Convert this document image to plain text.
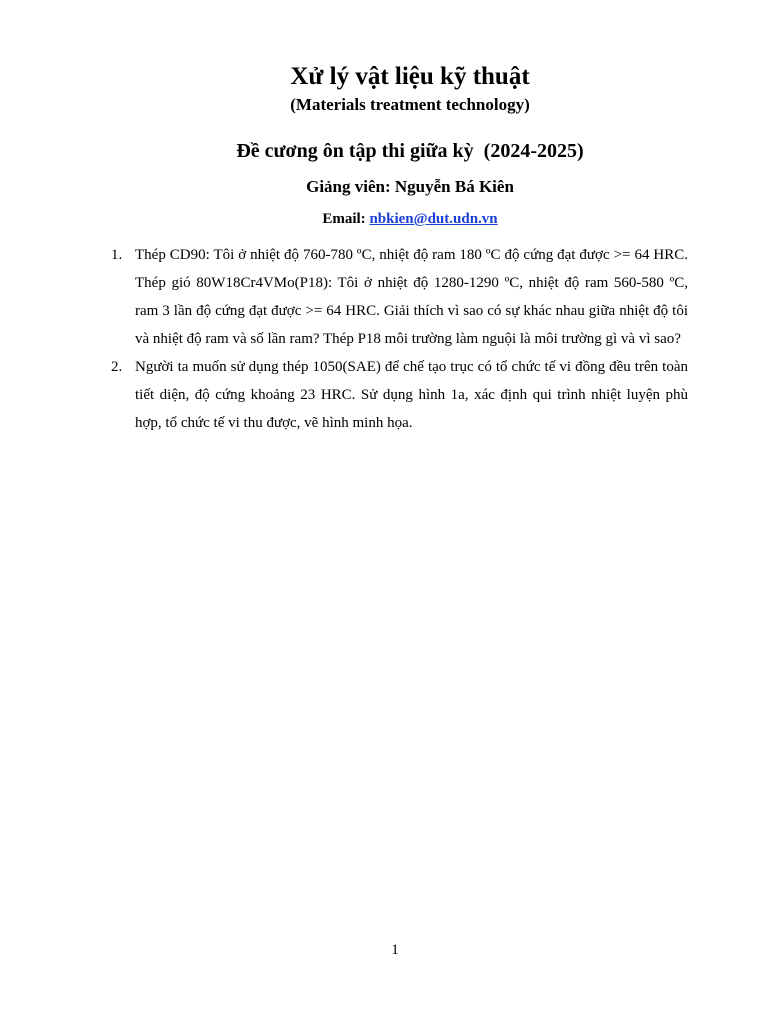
Xử lý vật liệu kỹ thuật
(Materials treatment technology)
Đề cương ôn tập thi giữa kỳ  (2024-2025)
Giảng viên: Nguyễn Bá Kiên
Email: nbkien@dut.udn.vn
1. Thép CD90: Tôi ở nhiệt độ 760-780 ºC, nhiệt độ ram 180 ºC độ cứng đạt được >= 64 HRC. Thép gió 80W18Cr4VMo(P18): Tôi ở nhiệt độ 1280-1290 ºC, nhiệt độ ram 560-580 ºC, ram 3 lần độ cứng đạt được >= 64 HRC. Giải thích vì sao có sự khác nhau giữa nhiệt độ tôi và nhiệt độ ram và số lần ram? Thép P18 môi trường làm nguội là môi trường gì và vì sao?
2. Người ta muốn sử dụng thép 1050(SAE) để chế tạo trục có tổ chức tế vi đồng đều trên toàn tiết diện, độ cứng khoảng 23 HRC. Sử dụng hình 1a, xác định qui trình nhiệt luyện phù hợp, tổ chức tế vi thu được, vẽ hình minh họa.
1
